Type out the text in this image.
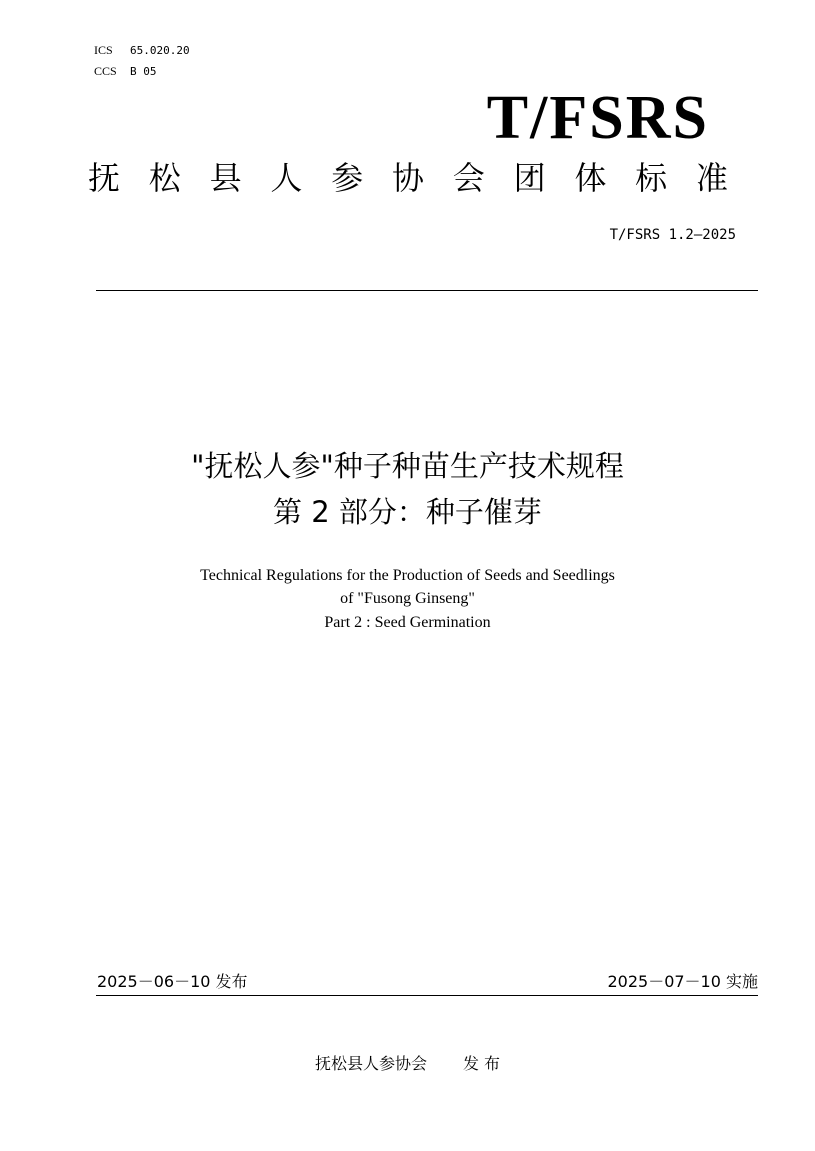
ICS 65.020.20
CCS B 05
T/FSRS
抚 松 县 人 参 协 会 团 体 标 准
T/FSRS 1.2—2025
"抚松人参"种子种苗生产技术规程
第 2 部分：种子催芽
Technical Regulations for the Production of Seeds and Seedlings
of "Fusong Ginseng"
Part 2 : Seed Germination
2025－06－10 发布	2025－07－10 实施
抚松县人参协会 发 布
